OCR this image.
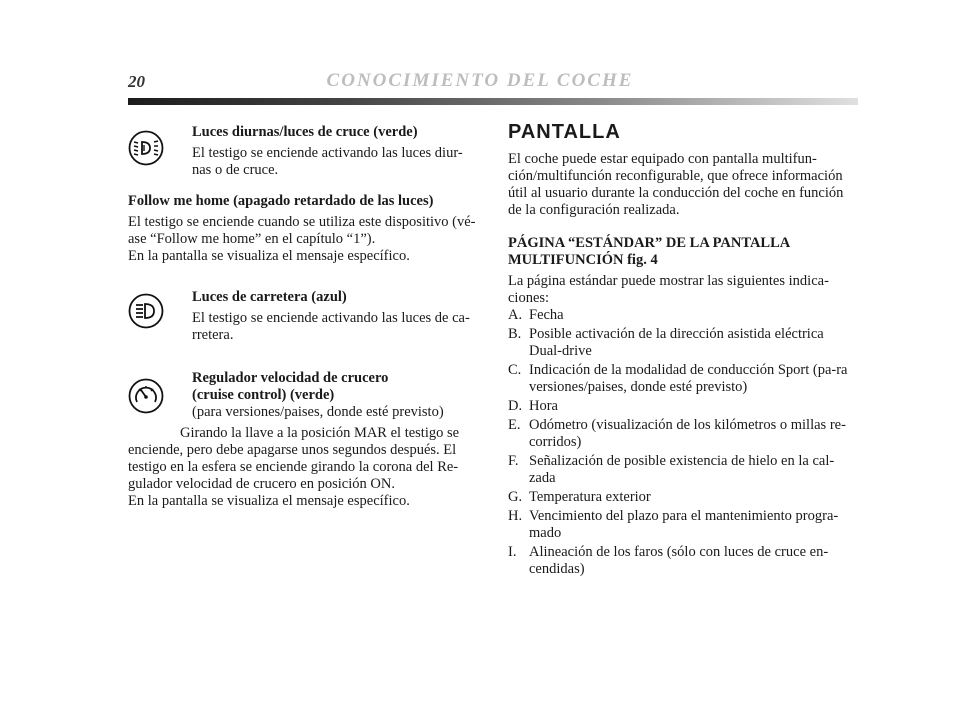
20	CONOCIMIENTO DEL COCHE

Luces diurnas/luces de cruce (verde)

El testigo se enciende activando las luces diur-nas o de cruce.

Follow me home (apagado retardado de las luces)

El testigo se enciende cuando se utiliza este dispositivo (vé-ase “Follow me home” en el capítulo “1”).

En la pantalla se visualiza el mensaje específico.

Luces de carretera (azul)

El testigo se enciende activando las luces de ca-rretera.

Regulador velocidad de crucero

(cruise control) (verde)

(para versiones/paises, donde esté previsto)

Girando la llave a la posición MAR el testigo se enciende, pero debe apagarse unos segundos después. El testigo en la esfera se enciende girando la corona del Re-gulador velocidad de crucero en posición ON.

En la pantalla se visualiza el mensaje específico.

PANTALLA

El coche puede estar equipado con pantalla multifun-ción/multifunción reconfigurable, que ofrece información útil al usuario durante la conducción del coche en función de la configuración realizada.

PÁGINA “ESTÁNDAR” DE LA PANTALLA MULTIFUNCIÓN fig. 4

La página estándar puede mostrar las siguientes indica-ciones:

A. Fecha
B. Posible activación de la dirección asistida eléctrica Dual-drive
C. Indicación de la modalidad de conducción Sport (pa-ra versiones/paises, donde esté previsto)
D. Hora
E. Odómetro (visualización de los kilómetros o millas re-corridos)
F. Señalización de posible existencia de hielo en la cal-zada
G. Temperatura exterior
H. Vencimiento del plazo para el mantenimiento progra-mado
I. Alineación de los faros (sólo con luces de cruce en-cendidas)
